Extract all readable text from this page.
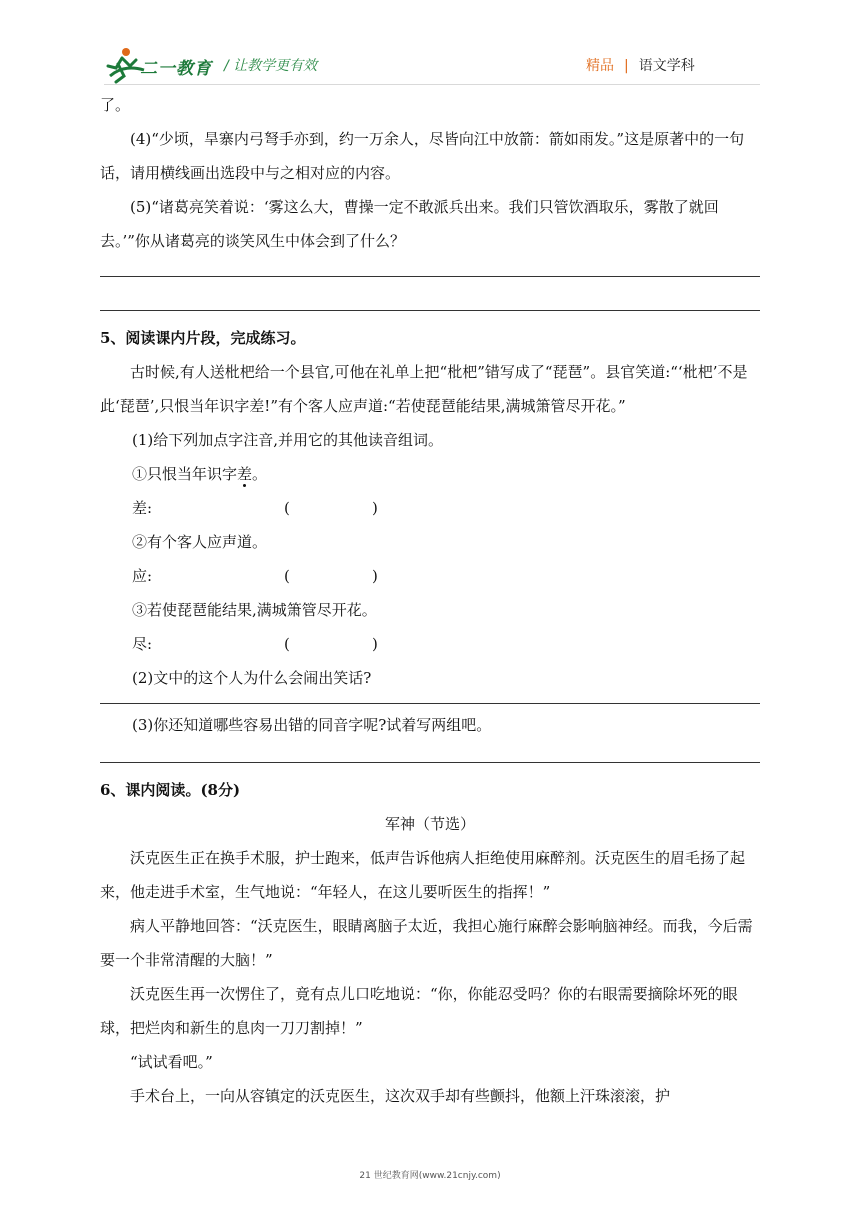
二一教育 / 让教学更有效	精品 | 语文学科

了。

(4)“少顷，旱寨内弓弩手亦到，约一万余人，尽皆向江中放箭：箭如雨发。”这是原著中的一句话，请用横线画出选段中与之相对应的内容。

(5)“诸葛亮笑着说：‘雾这么大，曹操一定不敢派兵出来。我们只管饮酒取乐，雾散了就回去。’”你从诸葛亮的谈笑风生中体会到了什么？

5、阅读课内片段，完成练习。

古时候,有人送枇杷给一个县官,可他在礼单上把“枇杷”错写成了“琵琶”。县官笑道:“‘枇杷’不是此‘琵琶’,只恨当年识字差!”有个客人应声道:“若使琵琶能结果,满城箫管尽开花。”

(1)给下列加点字注音,并用它的其他读音组词。

①只恨当年识字差。

差:	(	)

②有个客人应声道。

应:	(	)

③若使琵琶能结果,满城箫管尽开花。

尽:	(	)

(2)文中的这个人为什么会闹出笑话?

(3)你还知道哪些容易出错的同音字呢?试着写两组吧。

6、课内阅读。(8分)

军神（节选）

沃克医生正在换手术服，护士跑来，低声告诉他病人拒绝使用麻醉剂。沃克医生的眉毛扬了起来，他走进手术室，生气地说：“年轻人，在这儿要听医生的指挥！”

病人平静地回答：“沃克医生，眼睛离脑子太近，我担心施行麻醉会影响脑神经。而我，今后需要一个非常清醒的大脑！”

沃克医生再一次愣住了，竟有点儿口吃地说：“你，你能忍受吗？你的右眼需要摘除坏死的眼球，把烂肉和新生的息肉一刀刀割掉！”

“试试看吧。”

手术台上，一向从容镇定的沃克医生，这次双手却有些颤抖，他额上汗珠滚滚，护

21 世纪教育网(www.21cnjy.com)
